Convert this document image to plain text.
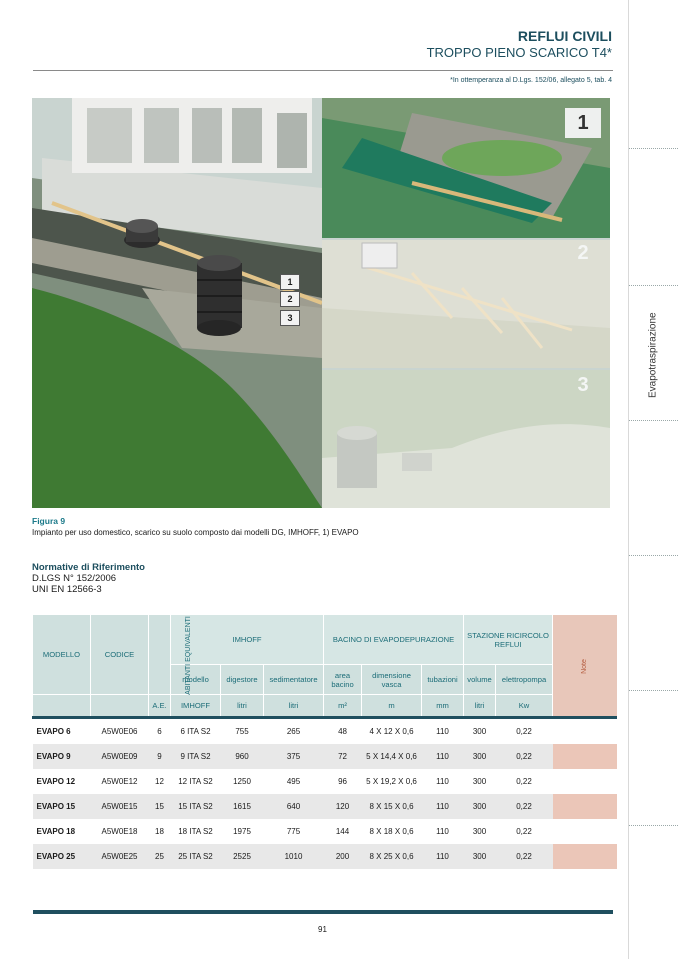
Evapotraspirazione
REFLUI CIVILI
TROPPO PIENO SCARICO T4*
*In ottemperanza al D.Lgs. 152/06, allegato 5, tab. 4
1
2
3
1
2
3
Figura 9
Impianto per uso domestico, scarico su suolo composto dai modelli DG, IMHOFF, 1) EVAPO
Normative di Riferimento
D.LGS N° 152/2006
UNI EN 12566-3
MODELLO	CODICE	ABITANTI EQUIVALENTI	IMHOFF			BACINO DI EVAPODEPURAZIONE			STAZIONE RICIRCOLO REFLUI		Note
			modello	digestore	sedimentatore	area bacino	dimensione vasca	tubazioni	volume	elettropompa	
		A.E.	IMHOFF	litri	litri	m²	m	mm	litri	Kw	
EVAPO 6	A5W0E06	6	6 ITA S2	755	265	48	4 X 12 X 0,6	110	300	0,22	
EVAPO 9	A5W0E09	9	9 ITA S2	960	375	72	5 X 14,4 X 0,6	110	300	0,22	
EVAPO 12	A5W0E12	12	12 ITA S2	1250	495	96	5 X 19,2 X 0,6	110	300	0,22	
EVAPO 15	A5W0E15	15	15 ITA S2	1615	640	120	8 X 15 X 0,6	110	300	0,22	
EVAPO 18	A5W0E18	18	18 ITA S2	1975	775	144	8 X 18 X 0,6	110	300	0,22	
EVAPO 25	A5W0E25	25	25 ITA S2	2525	1010	200	8 X 25 X 0,6	110	300	0,22	
91
